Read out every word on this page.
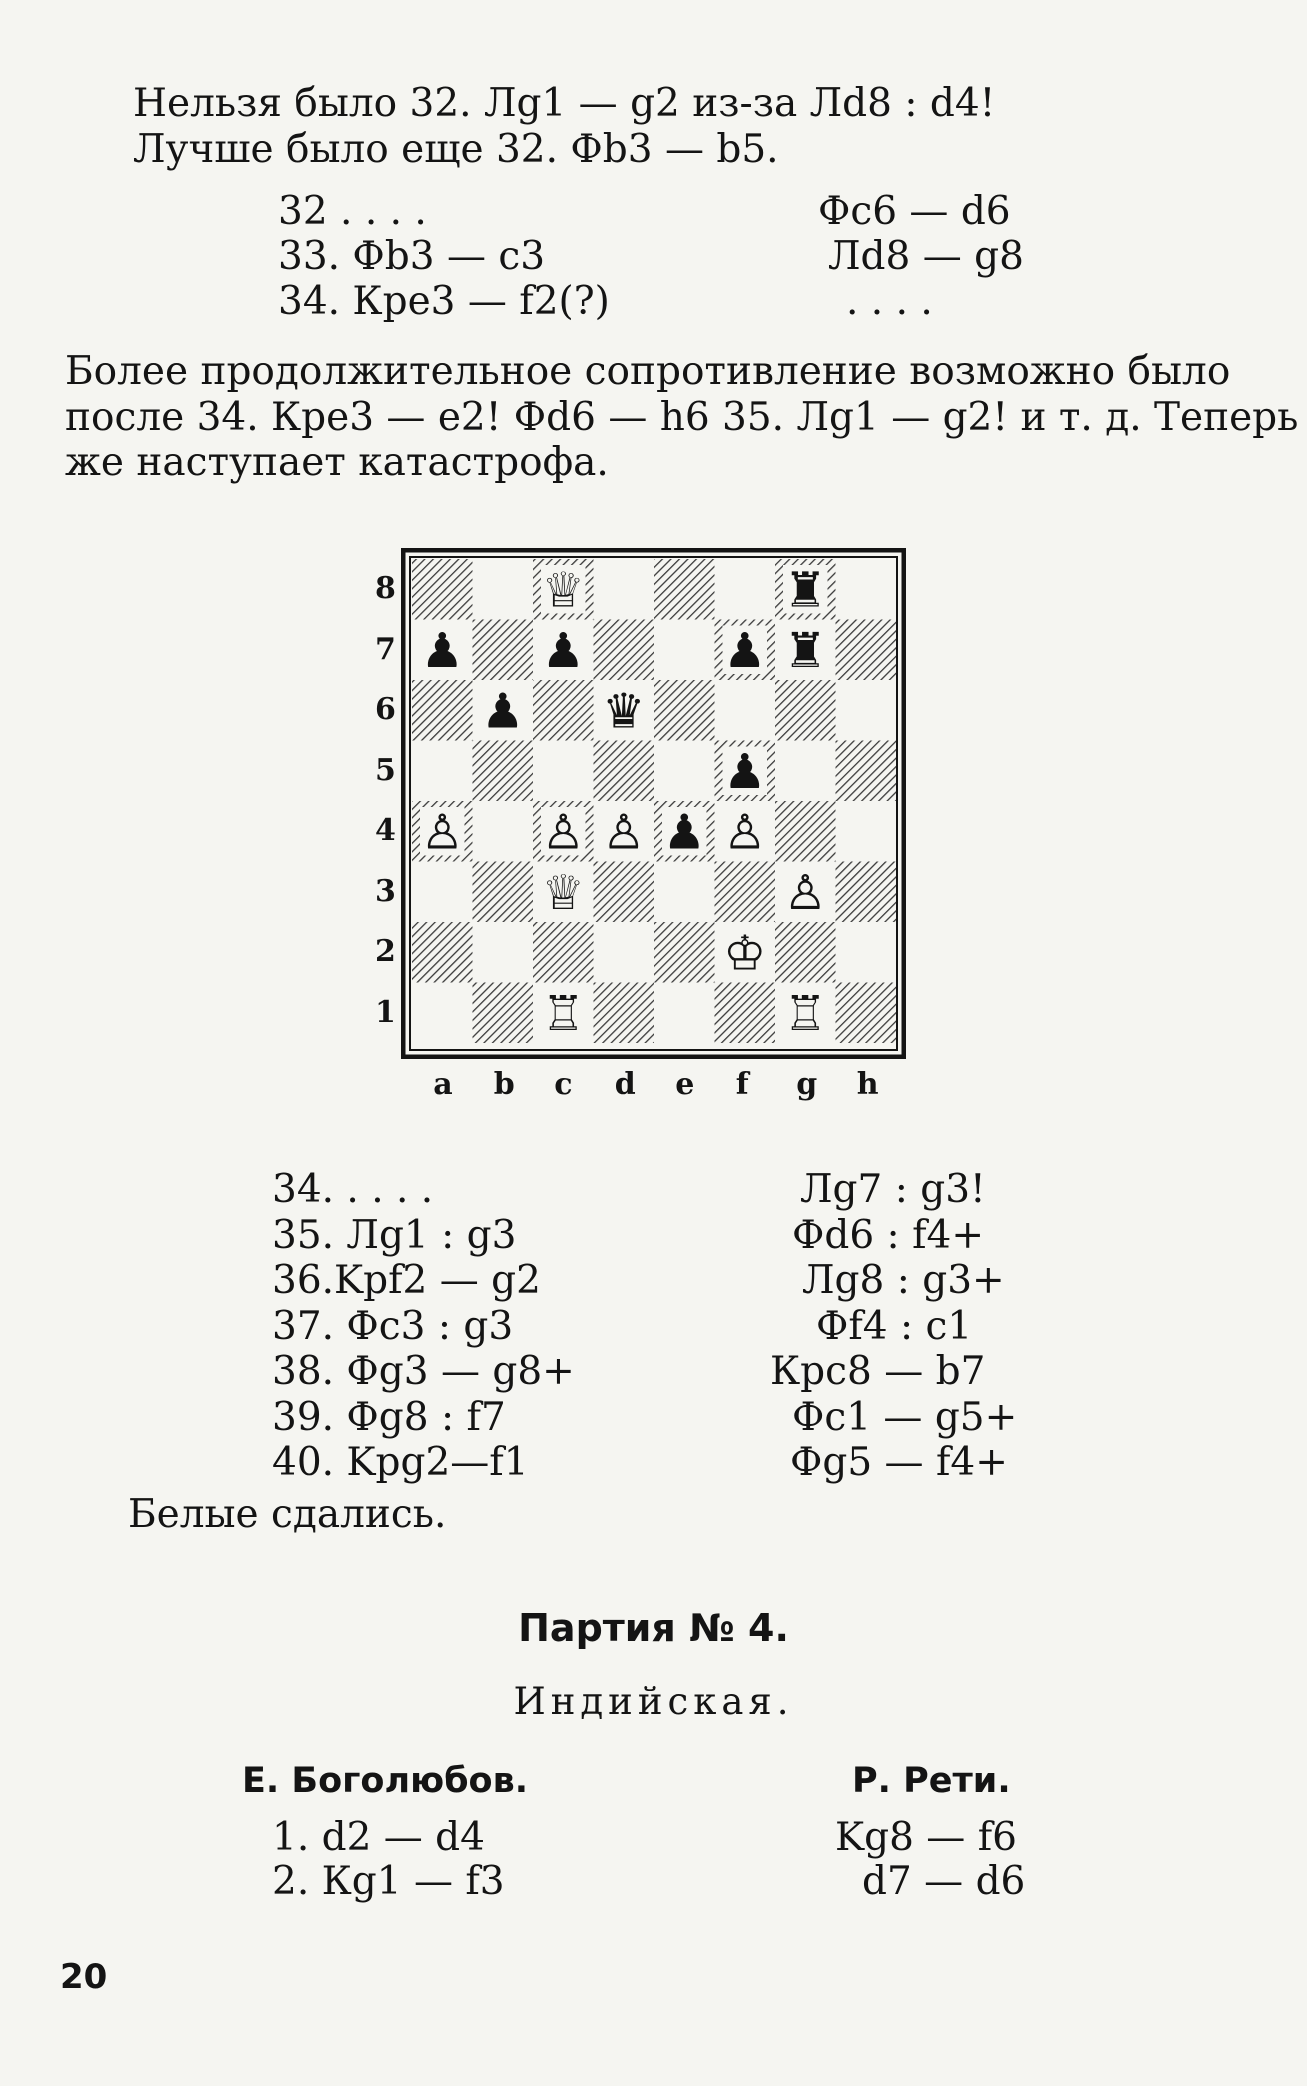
Нельзя было 32. Лg1 — g2 из-за Лd8 : d4!
Лучше было еще 32. Фb3 — b5.
32 . . . .	Фc6 — d6
33. Фb3 — c3	Лd8 — g8
34. Кре3 — f2(?)	. . . .
Более продолжительное сопротивление возможно было
после 34. Кре3 — e2! Фd6 — h6 35. Лg1 — g2! и т. д. Теперь
же наступает катастрофа.
♕	♜
♟ ♟	♟ ♜
♟ ♛
♟
♙ ♙ ♙ ♟ ♙
♕	♙
♔
♖	♖
8
7
6
5
4
3
2
1
a b c d e f g h
34. . . . .	Лg7 : g3!
35. Лg1 : g3	Фd6 : f4+
36.Kpf2 — g2	Лg8 : g3+
37. Фc3 : g3	Фf4 : c1
38. Фg3 — g8+	Крс8 — b7
39. Фg8 : f7	Фc1 — g5+
40. Kpg2—f1	Фg5 — f4+
Белые сдались.
Партия № 4.
Индийская.
Е. Боголюбов.	Р. Рети.
1. d2 — d4	Kg8 — f6
2. Кg1 — f3	d7 — d6
20
